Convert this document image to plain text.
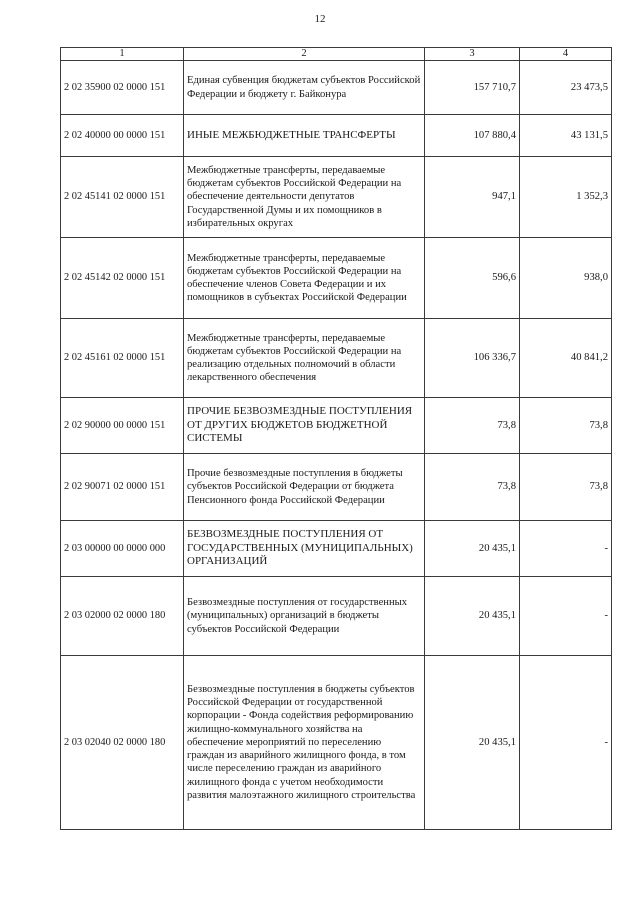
12
1	2	3	4
2 02 35900 02 0000 151	Единая субвенция бюджетам субъектов Российской Федерации и бюджету г. Байконура	157 710,7	23 473,5
2 02 40000 00 0000 151	ИНЫЕ МЕЖБЮДЖЕТНЫЕ ТРАНСФЕРТЫ	107 880,4	43 131,5
2 02 45141 02 0000 151	Межбюджетные трансферты, передаваемые бюджетам субъектов Российской Федерации на обеспечение деятельности депутатов Государственной Думы и их помощников в избирательных округах	947,1	1 352,3
2 02 45142 02 0000 151	Межбюджетные трансферты, передаваемые бюджетам субъектов Российской Федерации на обеспечение членов Совета Федерации и их помощников в субъектах Российской Федерации	596,6	938,0
2 02 45161 02 0000 151	Межбюджетные трансферты, передаваемые бюджетам субъектов Российской Федерации на реализацию отдельных полномочий в области лекарственного обеспечения	106 336,7	40 841,2
2 02 90000 00 0000 151	ПРОЧИЕ БЕЗВОЗМЕЗДНЫЕ ПОСТУПЛЕНИЯ ОТ ДРУГИХ БЮДЖЕТОВ БЮДЖЕТНОЙ СИСТЕМЫ	73,8	73,8
2 02 90071 02 0000 151	Прочие безвозмездные поступления в бюджеты субъектов Российской Федерации от бюджета Пенсионного фонда Российской Федерации	73,8	73,8
2 03 00000 00 0000 000	БЕЗВОЗМЕЗДНЫЕ ПОСТУПЛЕНИЯ ОТ ГОСУДАРСТВЕННЫХ (МУНИЦИПАЛЬНЫХ) ОРГАНИЗАЦИЙ	20 435,1	-
2 03 02000 02 0000 180	Безвозмездные поступления от государственных (муниципальных) организаций в бюджеты субъектов Российской Федерации	20 435,1	-
2 03 02040 02 0000 180	Безвозмездные поступления в бюджеты субъектов Российской Федерации от государственной корпорации - Фонда содействия реформированию жилищно-коммунального хозяйства на обеспечение мероприятий по переселению граждан из аварийного жилищного фонда, в том числе переселению граждан из аварийного жилищного фонда с учетом необходимости развития малоэтажного жилищного строительства	20 435,1	-
